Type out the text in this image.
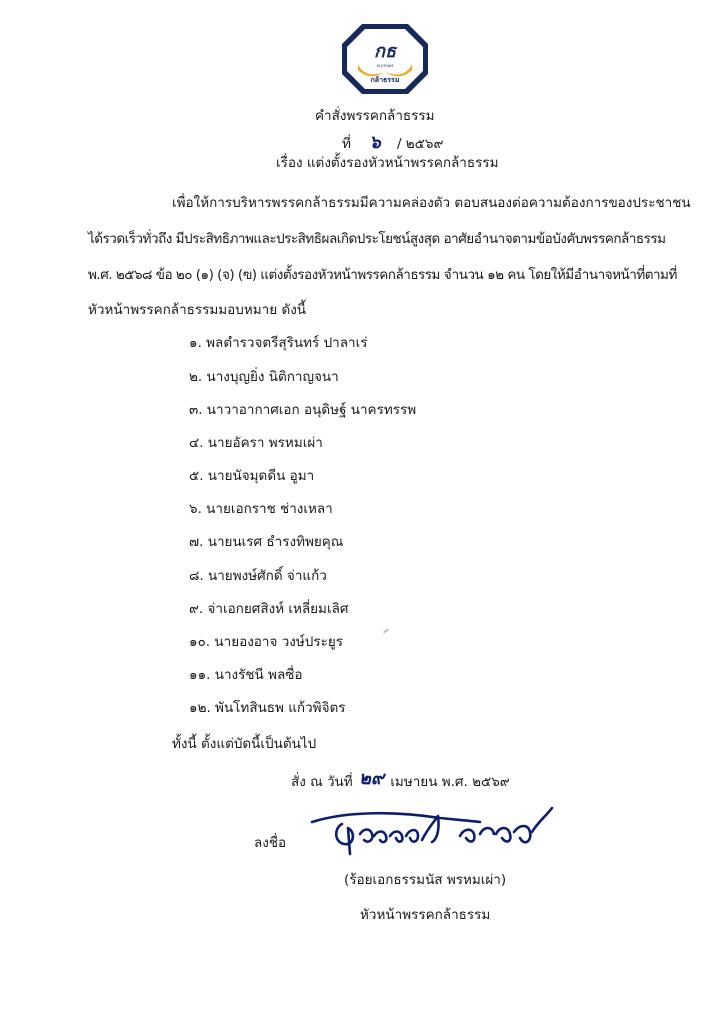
กธ
KLATHAM
กล้าธรรม
คำสั่งพรรคกล้าธรรม
ที่ ๖ / ๒๕๖๙
เรื่อง แต่งตั้งรองหัวหน้าพรรคกล้าธรรม
เพื่อให้การบริหารพรรคกล้าธรรมมีความคล่องตัว ตอบสนองต่อความต้องการของประชาชน
ได้รวดเร็วทั่วถึง มีประสิทธิภาพและประสิทธิผลเกิดประโยชน์สูงสุด อาศัยอำนาจตามข้อบังคับพรรคกล้าธรรม
พ.ศ. ๒๕๖๘ ข้อ ๒๐ (๑) (จ) (ฃ) แต่งตั้งรองหัวหน้าพรรคกล้าธรรม จำนวน ๑๒ คน โดยให้มีอำนาจหน้าที่ตามที่
หัวหน้าพรรคกล้าธรรมมอบหมาย ดังนี้
๑. พลตำรวจตรีสุรินทร์ ปาลาเร่
๒. นางบุญยิ่ง นิติกาญจนา
๓. นาวาอากาศเอก อนุดิษฐ์ นาครทรรพ
๔. นายอัครา พรหมเผ่า
๕. นายนัจมุดดีน อูมา
๖. นายเอกราช ช่างเหลา
๗. นายนเรศ ธำรงทิพยคุณ
๘. นายพงษ์ศักดิ์ จ่าแก้ว
๙. จ่าเอกยศสิงห์ เหลี่ยมเลิศ
๑๐. นายองอาจ วงษ์ประยูร
๑๑. นางรัชนี พลซื่อ
๑๒. พันโทสินธพ แก้วพิจิตร
ทั้งนี้ ตั้งแต่บัดนี้เป็นต้นไป
สั่ง ณ วันที่ ๒๙ เมษายน พ.ศ. ๒๕๖๙
ลงชื่อ
(ร้อยเอกธรรมนัส พรหมเผ่า)
หัวหน้าพรรคกล้าธรรม
